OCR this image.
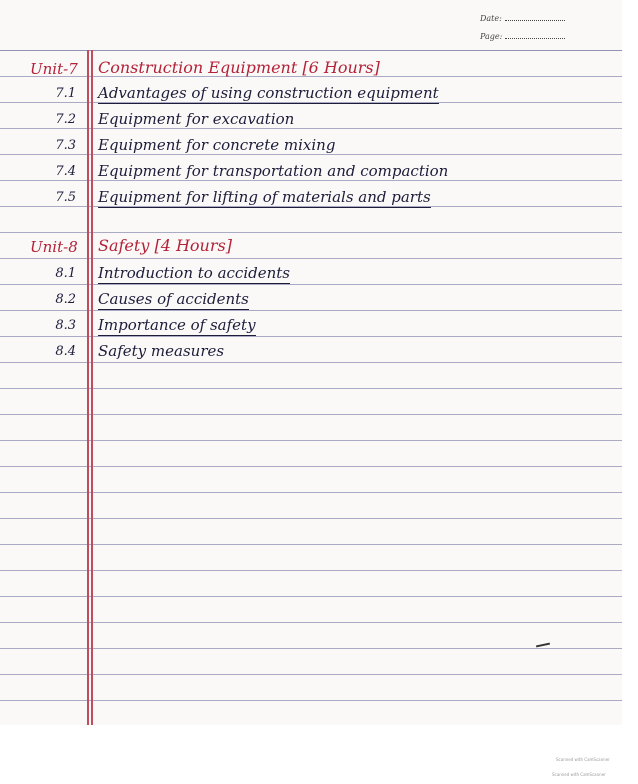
Date:
Page:
Unit-7 Construction Equipment [6 Hours]
7.1 Advantages of using construction equipment
7.2 Equipment for excavation
7.3 Equipment for concrete mixing
7.4 Equipment for transportation and compaction
7.5 Equipment for lifting of materials and parts
Unit-8 Safety [4 Hours]
8.1 Introduction to accidents
8.2 Causes of accidents
8.3 Importance of safety
8.4 Safety measures
Scanned with CamScanner
Scanned with CamScanner
